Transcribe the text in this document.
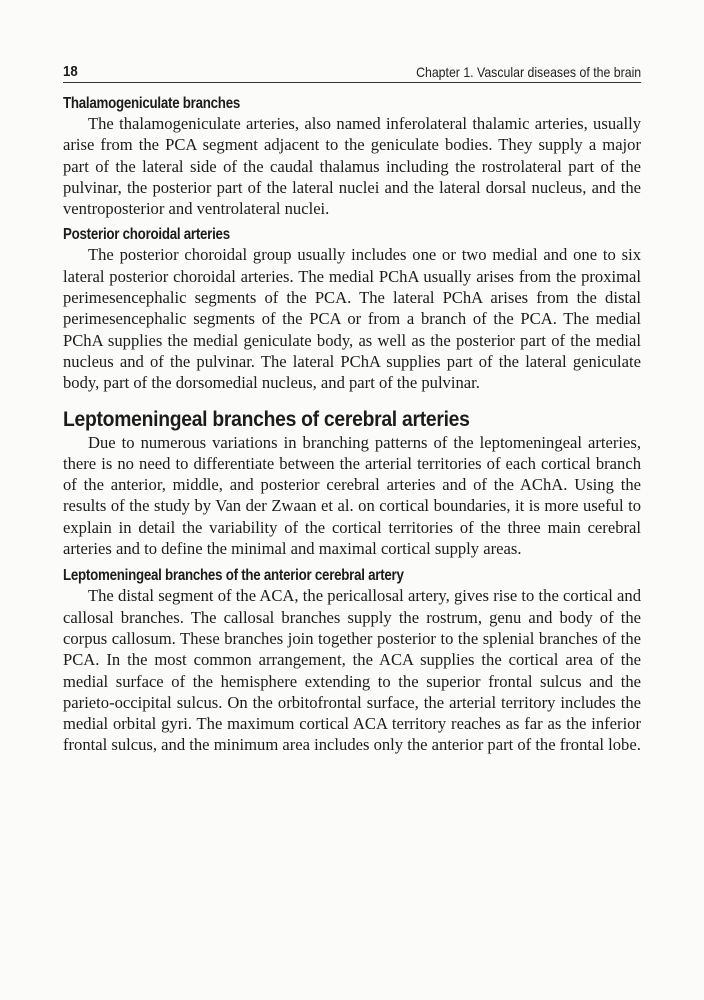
18	Chapter 1. Vascular diseases of the brain
Thalamogeniculate branches

The thalamogeniculate arteries, also named inferolateral thalamic arteries, usually arise from the PCA segment adjacent to the geniculate bodies. They supply a major part of the lateral side of the caudal thalamus including the rostrolateral part of the pulvinar, the posterior part of the lateral nuclei and the lateral dorsal nucleus, and the ventroposterior and ventrolateral nuclei.

Posterior choroidal arteries

The posterior choroidal group usually includes one or two medial and one to six lateral posterior choroidal arteries. The medial PChA usually arises from the proximal perimesencephalic segments of the PCA. The lateral PChA arises from the distal perimesencephalic segments of the PCA or from a branch of the PCA. The medial PChA supplies the medial geniculate body, as well as the posterior part of the medial nucleus and of the pulvinar. The lateral PChA supplies part of the lateral geniculate body, part of the dorsomedial nucleus, and part of the pulvinar.

Leptomeningeal branches of cerebral arteries

Due to numerous variations in branching patterns of the leptomeningeal arteries, there is no need to differentiate between the arterial territories of each cortical branch of the anterior, middle, and posterior cerebral arteries and of the AChA. Using the results of the study by Van der Zwaan et al. on cortical boundaries, it is more useful to explain in detail the variability of the cortical territories of the three main cerebral arteries and to define the minimal and maximal cortical supply areas.

Leptomeningeal branches of the anterior cerebral artery

The distal segment of the ACA, the pericallosal artery, gives rise to the cortical and callosal branches. The callosal branches supply the rostrum, genu and body of the corpus callosum. These branches join together posterior to the splenial branches of the PCA. In the most common arrangement, the ACA supplies the cortical area of the medial surface of the hemisphere extending to the superior frontal sulcus and the parieto-occipital sulcus. On the orbitofrontal surface, the arterial territory includes the medial orbital gyri. The maximum cortical ACA territory reaches as far as the inferior frontal sulcus, and the minimum area includes only the anterior part of the frontal lobe.
